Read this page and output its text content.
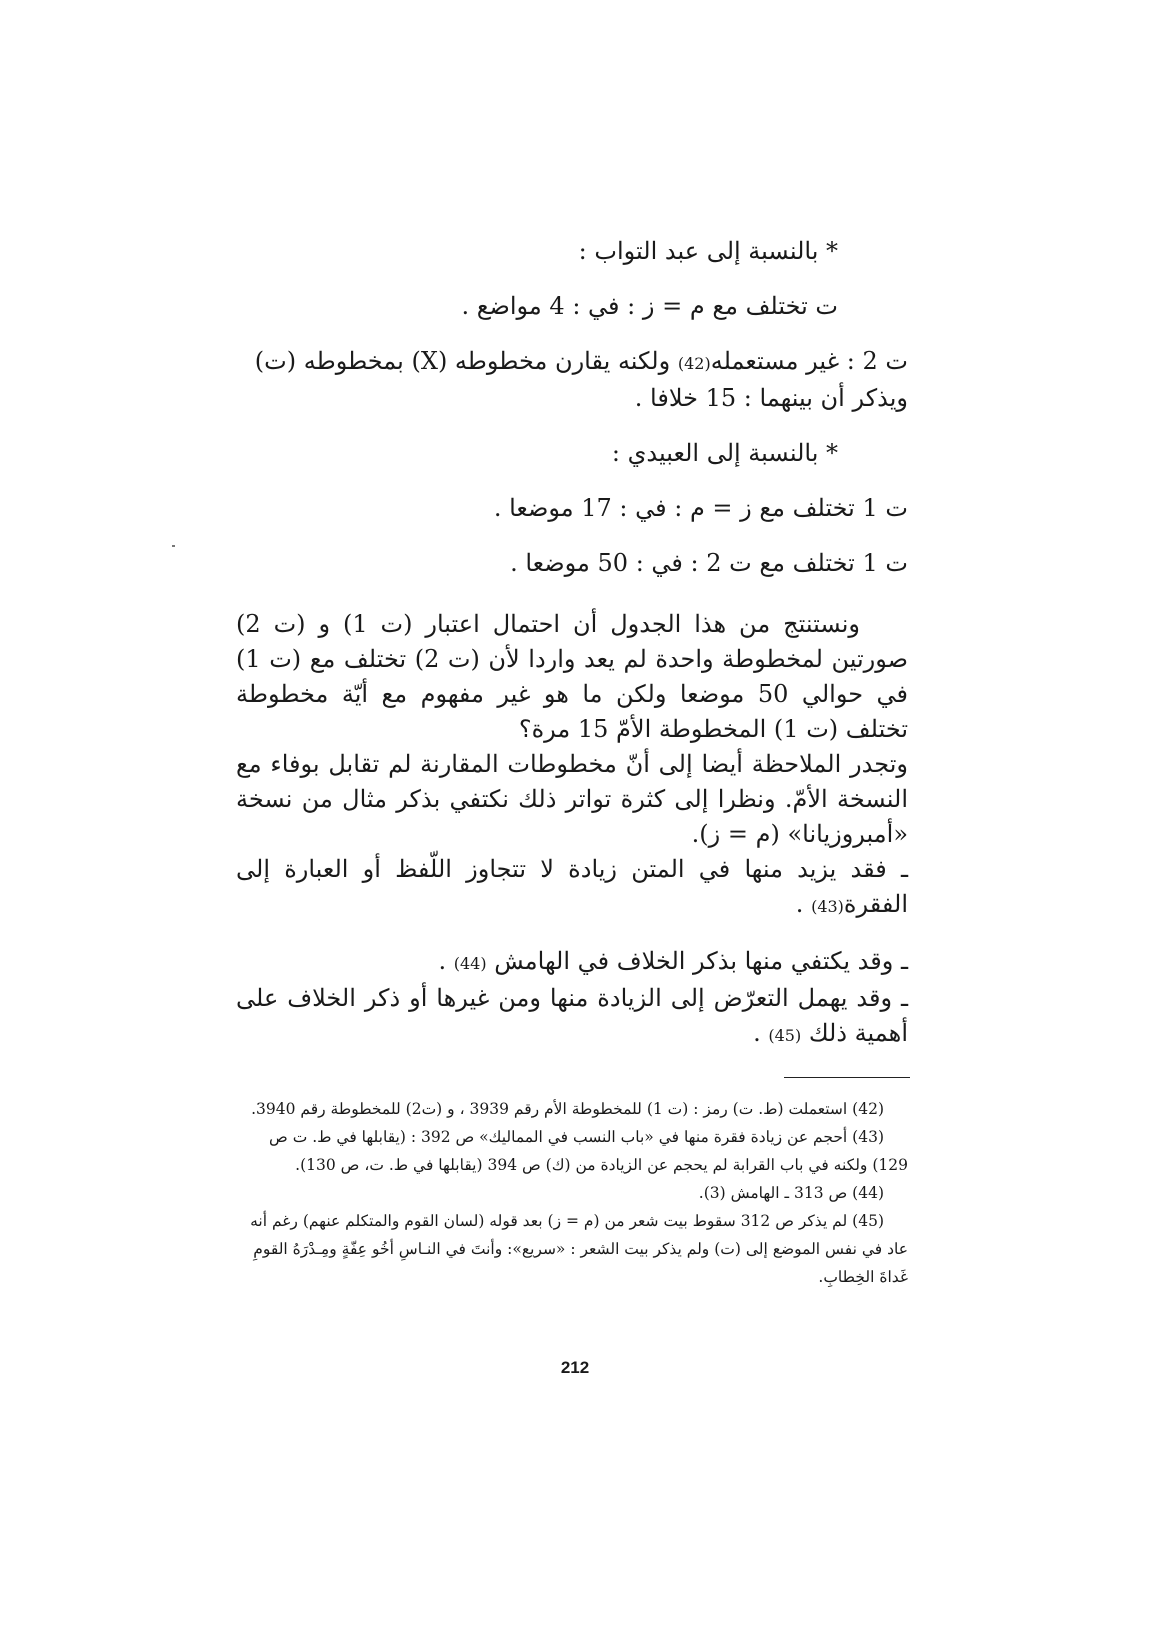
* بالنسبة إلى عبد التواب :

ت تختلف مع م = ز : في : 4 مواضع .

ت 2 : غير مستعمله(42) ولكنه يقارن مخطوطه (X) بمخطوطه (ت)

ويذكر أن بينهما : 15 خلافا .

* بالنسبة إلى العبيدي :

ت 1 تختلف مع ز = م : في : 17 موضعا .

ت 1 تختلف مع ت 2 : في : 50 موضعا .

ونستنتج من هذا الجدول أن احتمال اعتبار (ت 1) و (ت 2) صورتين لمخطوطة واحدة لم يعد واردا لأن (ت 2) تختلف مع (ت 1) في حوالي 50 موضعا ولكن ما هو غير مفهوم مع أيّة مخطوطة تختلف (ت 1) المخطوطة الأمّ 15 مرة؟

وتجدر الملاحظة أيضا إلى أنّ مخطوطات المقارنة لم تقابل بوفاء مع النسخة الأمّ. ونظرا إلى كثرة تواتر ذلك نكتفي بذكر مثال من نسخة «أمبروزيانا» (م = ز).

ـ فقد يزيد منها في المتن زيادة لا تتجاوز اللّفظ أو العبارة إلى الفقرة(43) .

ـ وقد يكتفي منها بذكر الخلاف في الهامش (44) .

ـ وقد يهمل التعرّض إلى الزيادة منها ومن غيرها أو ذكر الخلاف على أهمية ذلك (45) .

(42) استعملت (ط. ت) رمز : (ت 1) للمخطوطة الأم رقم 3939 ، و (ت2) للمخطوطة رقم 3940.

(43) أحجم عن زيادة فقرة منها في «باب النسب في المماليك» ص 392 : (يقابلها في ط. ت ص 129) ولكنه في باب القرابة لم يحجم عن الزيادة من (ك) ص 394 (يقابلها في ط. ت، ص 130).

(44) ص 313 ـ الهامش (3).

(45) لم يذكر ص 312 سقوط بيت شعر من (م = ز) بعد قوله (لسان القوم والمتكلم عنهم) رغم أنه عاد في نفس الموضع إلى (ت) ولم يذكر بيت الشعر : «سريع»: وأنتَ في النـاسِ أخُو عِفّةٍ ومِـدْرَهُ القومِ غَداةَ الخِطابِ.

212
